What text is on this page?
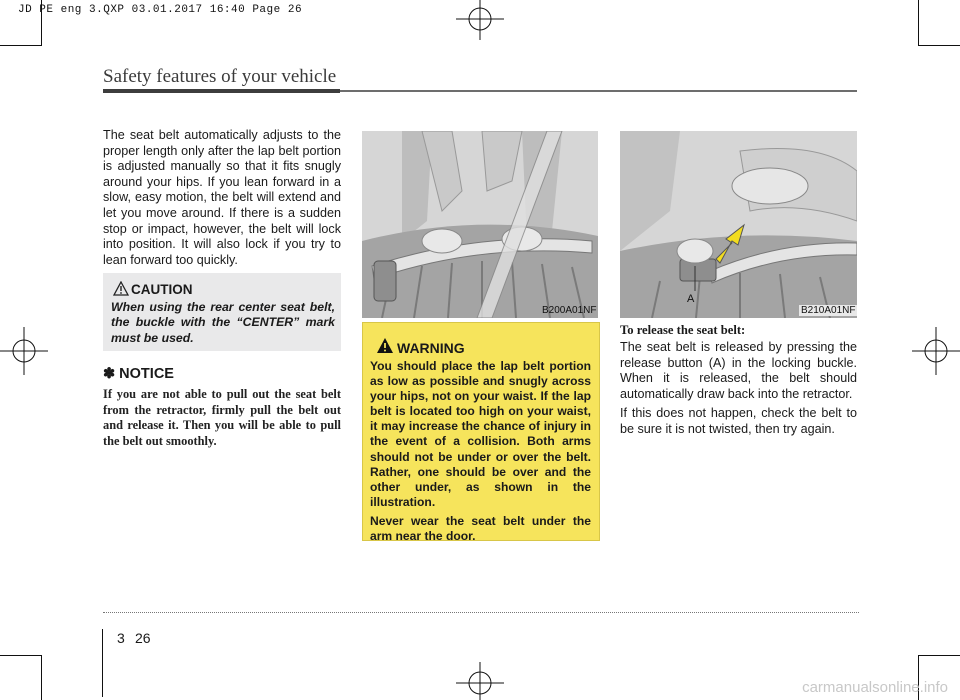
JD PE eng 3.QXP 03.01.2017 16:40 Page 26
Safety features of your vehicle
The seat belt automatically adjusts to the proper length only after the lap belt portion is adjusted manually so that it fits snugly around your hips. If you lean forward in a slow, easy motion, the belt will extend and let you move around. If there is a sudden stop or impact, however, the belt will lock into position. It will also lock if you try to lean forward too quickly.
CAUTION
When using the rear center seat belt, the buckle with the “CENTER” mark must be used.
✽ NOTICE
If you are not able to pull out the seat belt from the retractor, firmly pull the belt out and release it. Then you will be able to pull the belt out smoothly.
B200A01NF
A
B210A01NF
WARNING

You should place the lap belt portion as low as possible and snugly across your hips, not on your waist. If the lap belt is located too high on your waist, it may increase the chance of injury in the event of a collision. Both arms should not be under or over the belt. Rather, one should be over and the other under, as shown in the illustration.

Never wear the seat belt under the arm near the door.

To release the seat belt:

The seat belt is released by pressing the release button (A) in the locking buckle. When it is released, the belt should automatically draw back into the retractor.

If this does not happen, check the belt to be sure it is not twisted, then try again.

3 26
carmanualsonline.info
